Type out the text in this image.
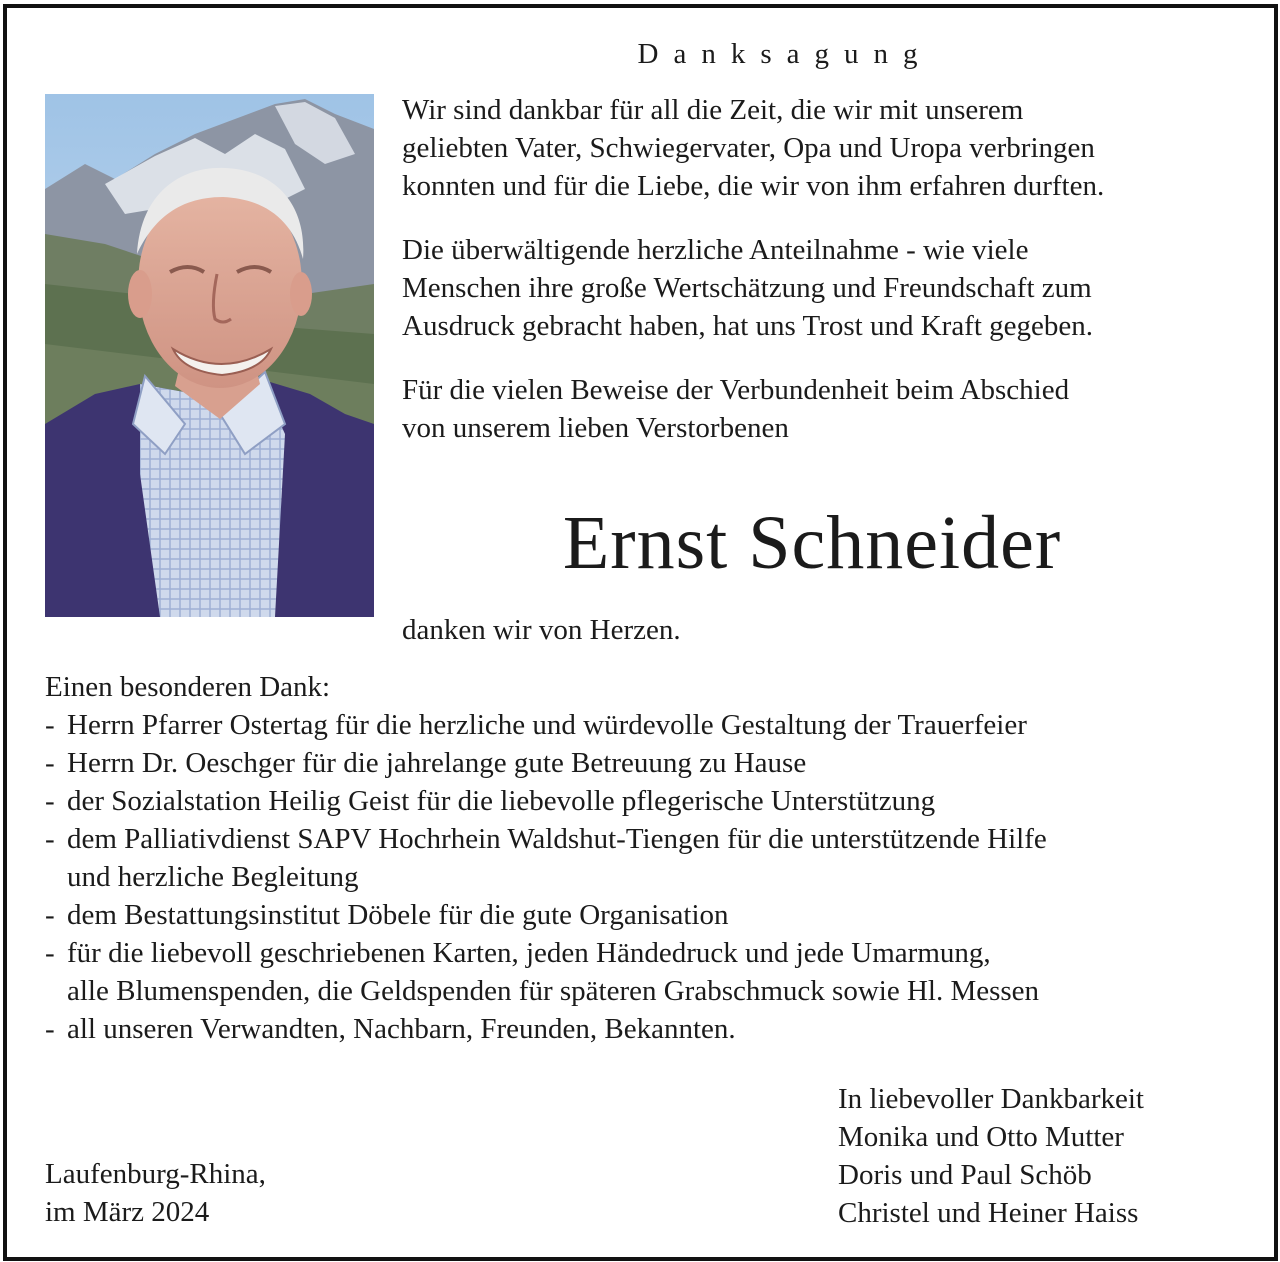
Danksagung

Wir sind dankbar für all die Zeit, die wir mit unserem
geliebten Vater, Schwiegervater, Opa und Uropa verbringen
konnten und für die Liebe, die wir von ihm erfahren durften.

Die überwältigende herzliche Anteilnahme - wie viele
Menschen ihre große Wertschätzung und Freundschaft zum
Ausdruck gebracht haben, hat uns Trost und Kraft gegeben.

Für die vielen Beweise der Verbundenheit beim Abschied
von unserem lieben Verstorbenen

Ernst Schneider

danken wir von Herzen.

Einen besonderen Dank:
- Herrn Pfarrer Ostertag für die herzliche und würdevolle Gestaltung der Trauerfeier
- Herrn Dr. Oeschger für die jahrelange gute Betreuung zu Hause
- der Sozialstation Heilig Geist für die liebevolle pflegerische Unterstützung
- dem Palliativdienst SAPV Hochrhein Waldshut-Tiengen für die unterstützende Hilfe
und herzliche Begleitung
- dem Bestattungsinstitut Döbele für die gute Organisation
- für die liebevoll geschriebenen Karten, jeden Händedruck und jede Umarmung,
alle Blumenspenden, die Geldspenden für späteren Grabschmuck sowie Hl. Messen
- all unseren Verwandten, Nachbarn, Freunden, Bekannten.
Laufenburg-Rhina,
im März 2024
In liebevoller Dankbarkeit
Monika und Otto Mutter
Doris und Paul Schöb
Christel und Heiner Haiss
